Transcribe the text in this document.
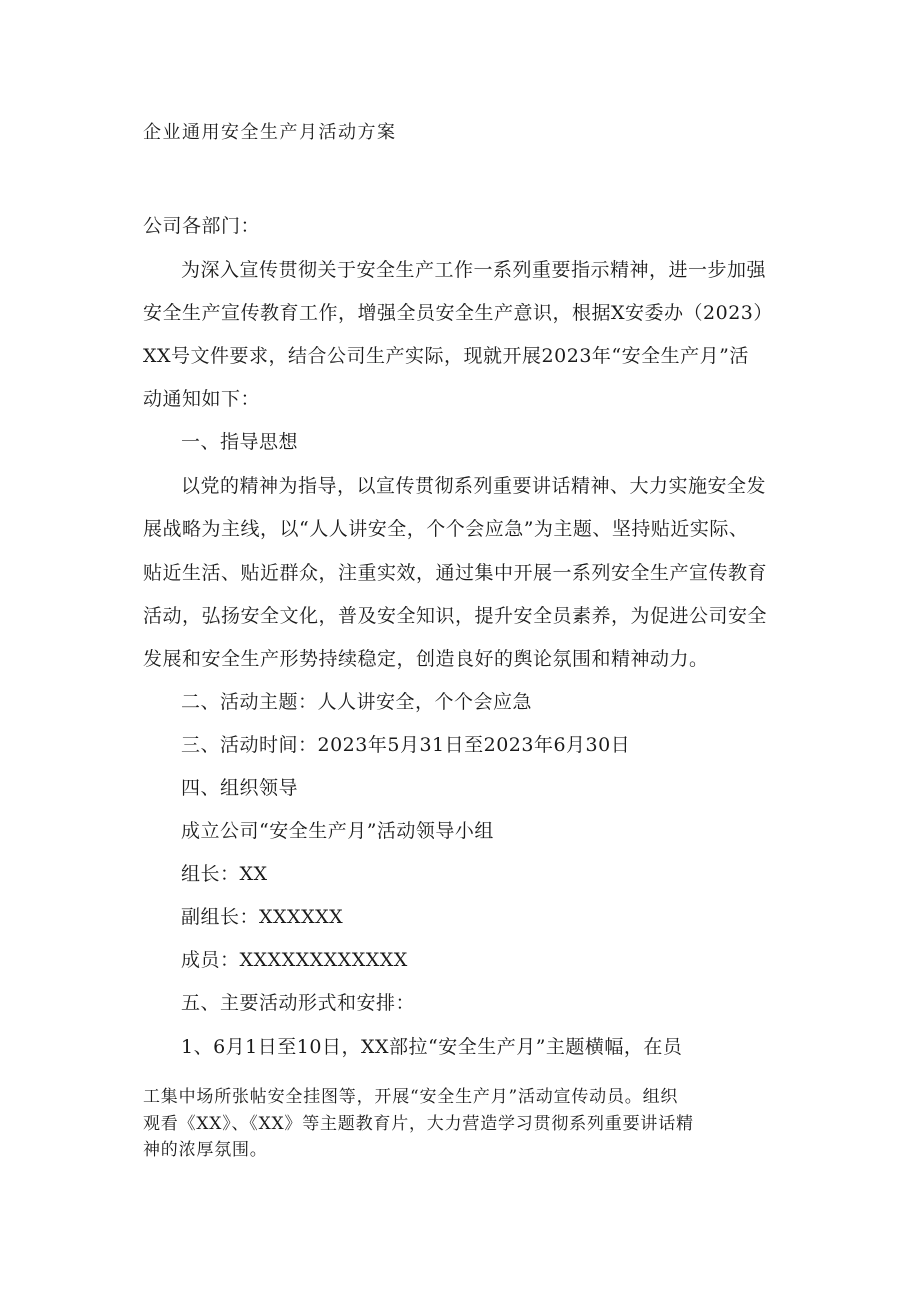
企业通用安全生产月活动方案

公司各部门：

为深入宣传贯彻关于安全生产工作一系列重要指示精神，进一步加强

安全生产宣传教育工作，增强全员安全生产意识，根据X安委办（2023）

XX号文件要求，结合公司生产实际，现就开展2023年“安全生产月”活

动通知如下：

一、指导思想

以党的精神为指导，以宣传贯彻系列重要讲话精神、大力实施安全发

展战略为主线，以“人人讲安全，个个会应急”为主题、坚持贴近实际、

贴近生活、贴近群众，注重实效，通过集中开展一系列安全生产宣传教育

活动，弘扬安全文化，普及安全知识，提升安全员素养，为促进公司安全

发展和安全生产形势持续稳定，创造良好的舆论氛围和精神动力。

二、活动主题：人人讲安全，个个会应急

三、活动时间：2023年5月31日至2023年6月30日

四、组织领导

成立公司“安全生产月”活动领导小组

组长：XX

副组长：XXXXXX

成员：XXXXXXXXXXXX

五、主要活动形式和安排：

1、6月1日至10日，XX部拉“安全生产月”主题横幅，在员

工集中场所张帖安全挂图等，开展“安全生产月”活动宣传动员。组织

观看《XX》、《XX》等主题教育片，大力营造学习贯彻系列重要讲话精

神的浓厚氛围。
